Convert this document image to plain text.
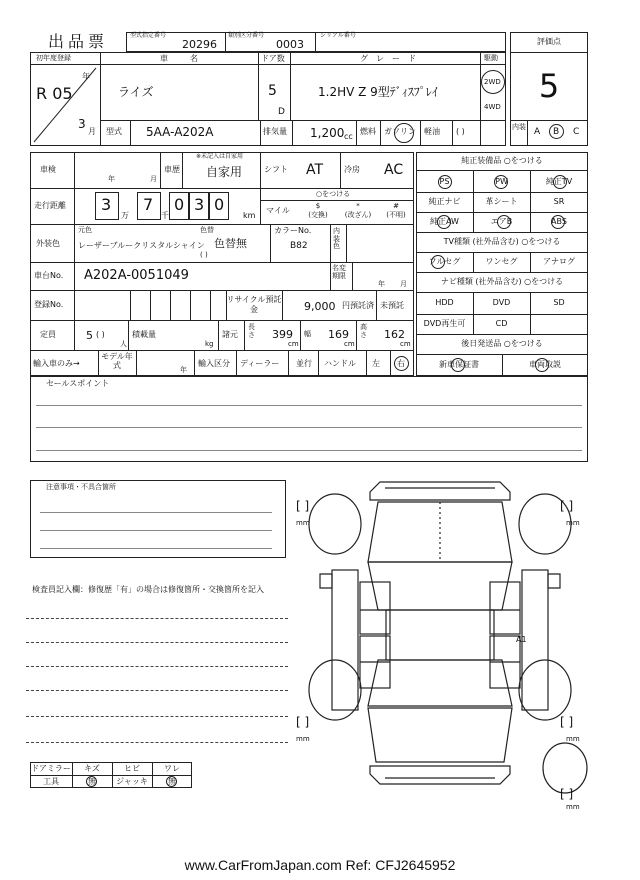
出品票	型式指定番号
20296
類別区分番号
0003
シリアル番号
評価点
5
初年度登録
年
R 05
3
月
車名
ライズ
ドア数
5
D
グレード
1.2HV Z 9型ﾃﾞｨｽﾌﾟﾚｲ
駆動
2WD
4WD
型式 5AA-A202A	排気量 1,200 cc
燃料 ガソリン 軽油 ( )	内装 A B C
車検
年	月
車歴
※未記入は自家用
自家用	シフト AT	冷房 AC
走行距離 3
万
7
千
0 3 0
km
○をつける
マイル	$
(交換)
*
(改ざん)
#
(不明)
外装色
元色
レーザーブルークリスタルシャイン
色替
色替無
( )
カラーNo.
B82
内装色
車台No. A202A-0051049	名変期限
年 月
登録No.
リサイクル預託金	9,000 円預託済 未預託
定員	5 ( )
人
積載量
kg
諸元
長さ 399
cm
幅 169
cm
高さ 162
cm
輸入車のみ→
モデル年式
年
輸入区分 ディーラー 並行 ハンドル 左 右
純正装備品 ○をつける
PS	PW	純正TV
純正ナビ	革シート	SR
純正AW	エアB	ABS
TV種類 (社外品含む) ○をつける
フルセグ	ワンセグ	アナログ
ナビ種類 (社外品含む) ○をつける
HDD	DVD	SD
DVD再生可	CD
後日発送品 ○をつける
新車保証書	車両取説
セールスポイント
注意事項・不具合箇所
検査員記入欄：修復歴「有」の場合は修復箇所・交換箇所を記入
A1
[ ]
mm
[ ]
mm
[ ]
mm
[ ]
mm
[ ]
mm
ドアミラー	キズ	ヒビ	ワレ
工具	無	ジャッキ	無
www.CarFromJapan.com Ref: CFJ2645952
